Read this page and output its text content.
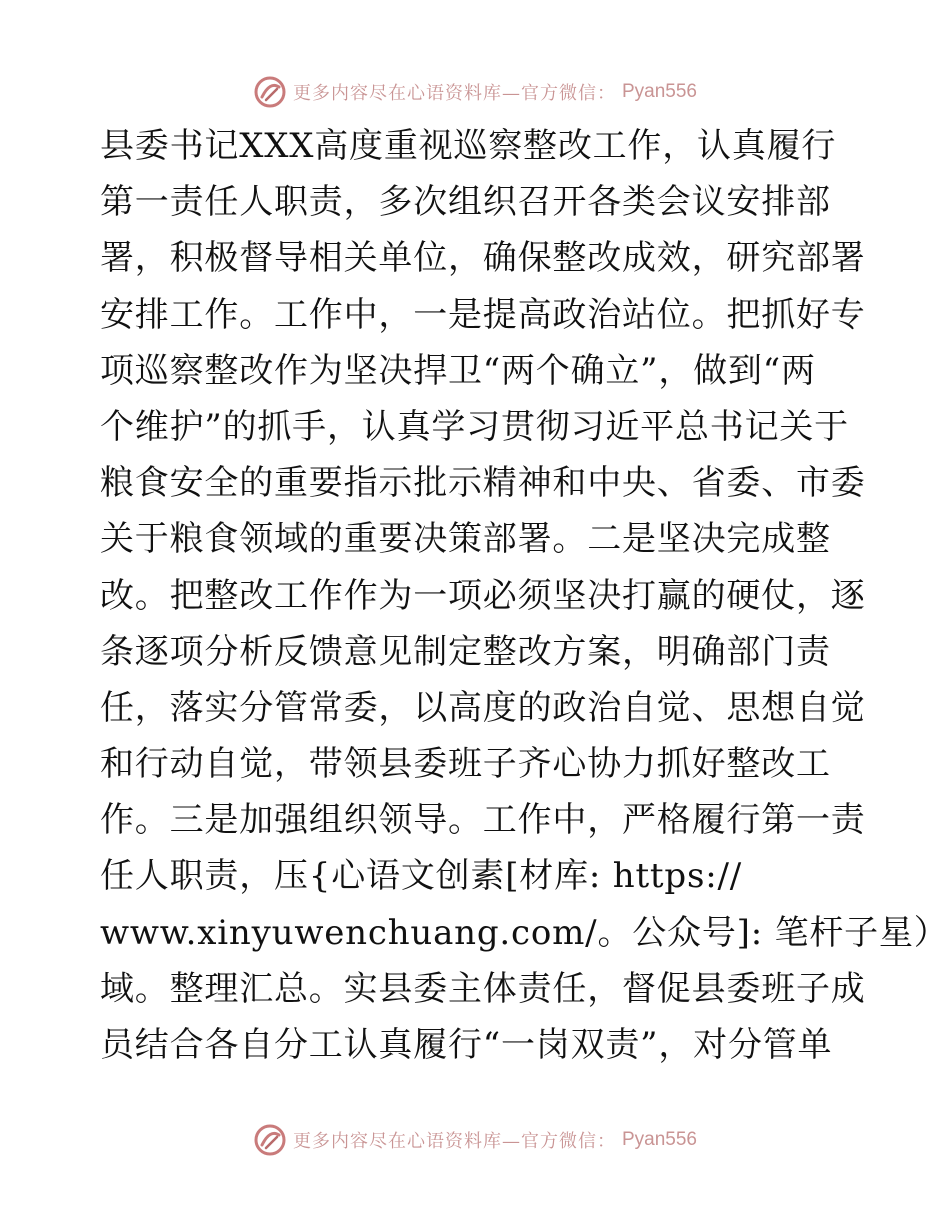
更多内容尽在心语资料库—官方微信： Pyan556
县委书记XXX高度重视巡察整改工作，认真履行
第一责任人职责，多次组织召开各类会议安排部
署，积极督导相关单位，确保整改成效，研究部署
安排工作。工作中，一是提高政治站位。把抓好专
项巡察整改作为坚决捍卫“两个确立”，做到“两
个维护”的抓手，认真学习贯彻习近平总书记关于
粮食安全的重要指示批示精神和中央、省委、市委
关于粮食领域的重要决策部署。二是坚决完成整
改。把整改工作作为一项必须坚决打赢的硬仗，逐
条逐项分析反馈意见制定整改方案，明确部门责
任，落实分管常委，以高度的政治自觉、思想自觉
和行动自觉，带领县委班子齐心协力抓好整改工
作。三是加强组织领导。工作中，严格履行第一责
任人职责，压{心语文创素[材库: https://
www.xinyuwenchuang.com/。公众号]: 笔杆子星）
域。整理汇总。实县委主体责任，督促县委班子成
员结合各自分工认真履行“一岗双责”，对分管单
更多内容尽在心语资料库—官方微信： Pyan556
